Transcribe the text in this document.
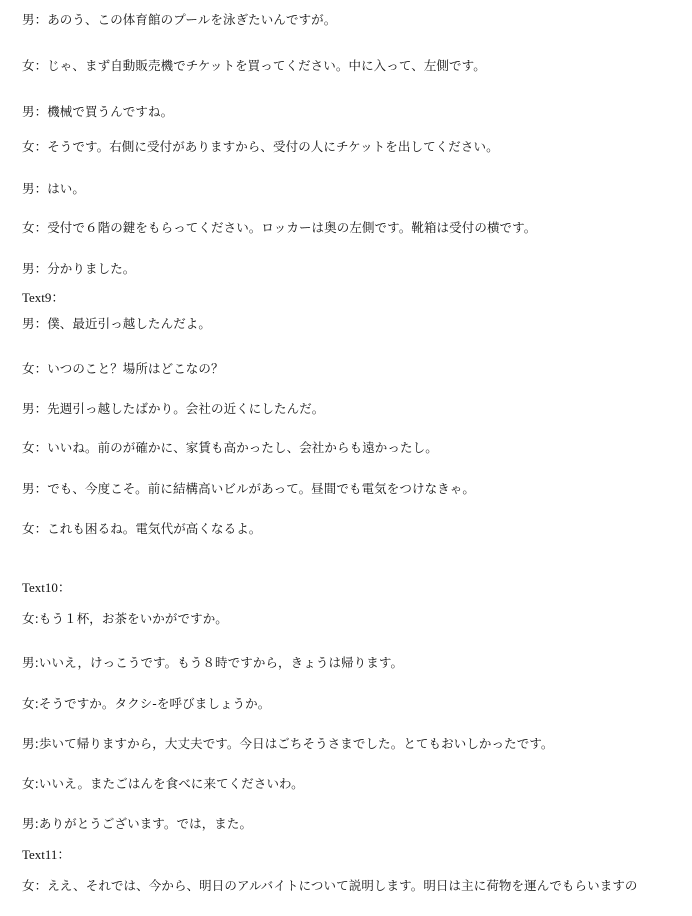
男：あのう、この体育館のプールを泳ぎたいんですが。
女：じゃ、まず自動販売機でチケットを買ってください。中に入って、左側です。
男：機械で買うんですね。
女：そうです。右側に受付がありますから、受付の人にチケットを出してください。
男：はい。
女：受付で６階の鍵をもらってください。ロッカーは奥の左側です。靴箱は受付の横です。
男：分かりました。
Text9：
男：僕、最近引っ越したんだよ。
女：いつのこと？場所はどこなの？
男：先週引っ越したばかり。会社の近くにしたんだ。
女：いいね。前のが確かに、家賃も高かったし、会社からも遠かったし。
男：でも、今度こそ。前に結構高いビルがあって。昼間でも電気をつけなきゃ。
女：これも困るね。電気代が高くなるよ。
Text10：
女:もう１杯，お茶をいかがですか。
男:いいえ，けっこうです。もう８時ですから，きょうは帰ります。
女:そうですか。タクシ-を呼びましょうか。
男:歩いて帰りますから，大丈夫です。今日はごちそうさまでした。とてもおいしかったです。
女:いいえ。またごはんを食べに来てくださいわ。
男:ありがとうございます。では，また。
Text11：
女：ええ、それでは、今から、明日のアルバイトについて説明します。明日は主に荷物を運んでもらいますの
